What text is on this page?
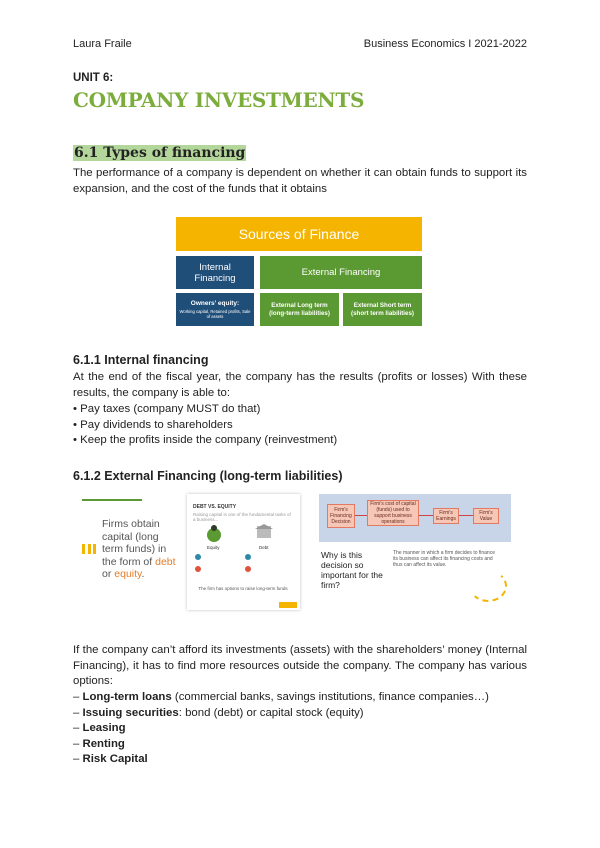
Laura Fraile	Business Economics I 2021-2022
UNIT 6:
COMPANY INVESTMENTS
6.1 Types of financing

The performance of a company is dependent on whether it can obtain funds to support its expansion, and the cost of the funds that it obtains

Sources of Finance
Internal Financing	External Financing
Owners’ equity:
Working capital, Retained profits, Sale of assets
External Long term (long-term liabilities)
External Short term (short term liabilities)
6.1.1 Internal financing

At the end of the fiscal year, the company has the results (profits or losses) With these results, the company is able to:

• Pay taxes (company MUST do that)

• Pay dividends to shareholders

• Keep the profits inside the company (reinvestment)

6.1.2 External Financing (long-term liabilities)
Firms obtain capital (long term funds) in the form of debt or equity.
DEBT VS. EQUITY
Raising capital is one of the fundamental tasks of a business...
Equity	Debt
The firm has options to raise long-term funds
Firm's Financing Decision
Firm's cost of capital (funds) used to support business operations
Firm's Earnings
Firm's Value
Why is this decision so important for the firm?
The manner in which a firm decides to finance its business can affect its financing costs and thus can affect its value.

If the company can’t afford its investments (assets) with the shareholders’ money (Internal Financing), it has to find more resources outside the company. The company has various options:

– Long-term loans (commercial banks, savings institutions, finance companies…)

– Issuing securities: bond (debt) or capital stock (equity)

– Leasing

– Renting

– Risk Capital
